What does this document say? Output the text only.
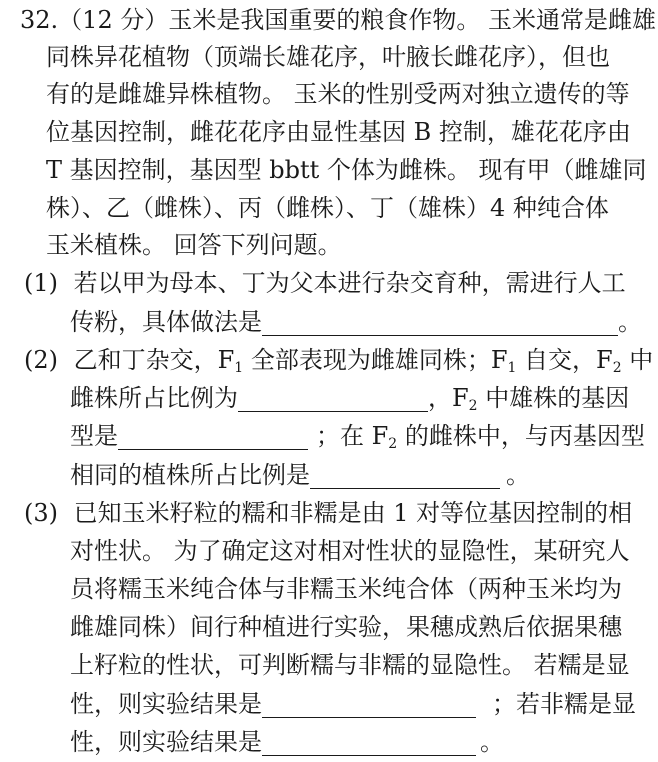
32.（12 分）玉米是我国重要的粮食作物。 玉米通常是雌雄
同株异花植物（顶端长雄花序，叶腋长雌花序），但也
有的是雌雄异株植物。 玉米的性别受两对独立遗传的等
位基因控制，雌花花序由显性基因 B 控制，雄花花序由
T 基因控制，基因型 bbtt 个体为雌株。 现有甲（雌雄同
株）、乙（雌株）、丙（雌株）、丁（雄株）4 种纯合体
玉米植株。 回答下列问题。
(1) 若以甲为母本、丁为父本进行杂交育种，需进行人工
传粉，具体做法是	。
(2) 乙和丁杂交，$F_1$ 全部表现为雌雄同株；$F_1$ 自交，$F_2$ 中
雌株所占比例为	，$F_2$ 中雄株的基因
型是	；在 $F_2$ 的雌株中，与丙基因型
相同的植株所占比例是	。
(3) 已知玉米籽粒的糯和非糯是由 1 对等位基因控制的相
对性状。 为了确定这对相对性状的显隐性，某研究人
员将糯玉米纯合体与非糯玉米纯合体（两种玉米均为
雌雄同株）间行种植进行实验，果穗成熟后依据果穗
上籽粒的性状，可判断糯与非糯的显隐性。 若糯是显
性，则实验结果是	；若非糯是显
性，则实验结果是	。
